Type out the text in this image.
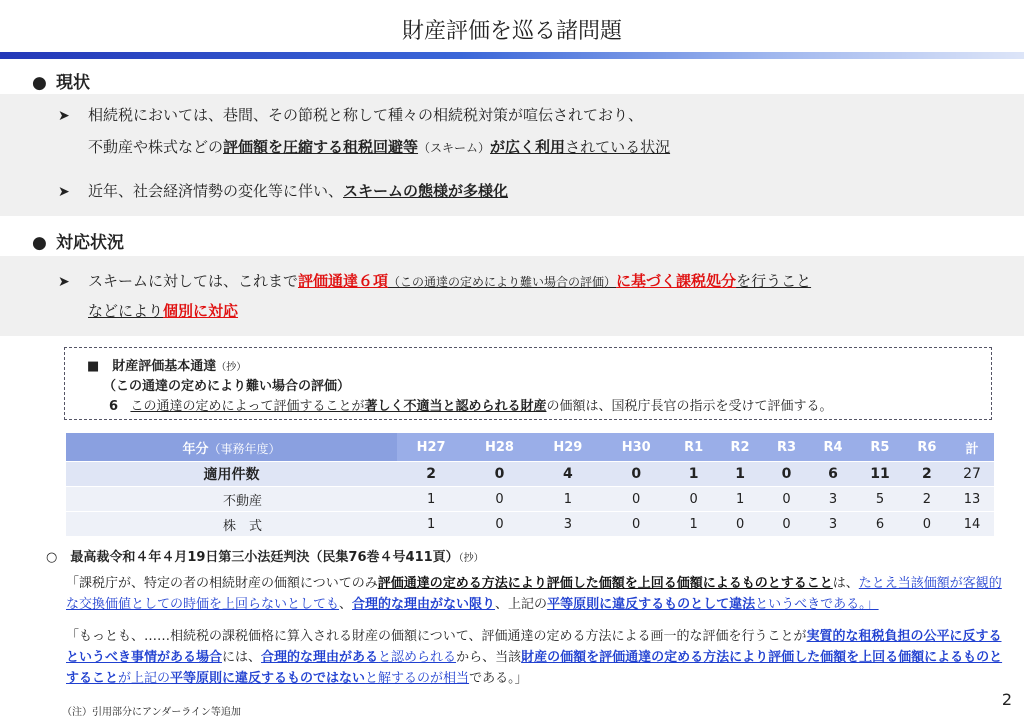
財産評価を巡る諸問題
● 現状
➤ 相続税においては、巷間、その節税と称して種々の相続税対策が喧伝されており、
不動産や株式などの評価額を圧縮する租税回避等（スキーム）が広く利用されている状況
➤ 近年、社会経済情勢の変化等に伴い、スキームの態様が多様化
● 対応状況
➤ スキームに対しては、これまで評価通達６項（この通達の定めにより難い場合の評価）に基づく課税処分を行うこと
などにより個別に対応
■　財産評価基本通達（抄）
（この通達の定めにより難い場合の評価）
6 この通達の定めによって評価することが著しく不適当と認められる財産の価額は、国税庁長官の指示を受けて評価する。
年分（事務年度）		H27	H28	H29	H30	R1	R2	R3	R4	R5	R6	計
適用件数		2	0	4	0	1	1	0	6	11	2	27
	不動産	1	0	1	0	0	1	0	3	5	2	13
	株　式	1	0	3	0	1	0	0	3	6	0	14
○　最高裁令和４年４月19日第三小法廷判決（民集76巻４号411頁）（抄）
「課税庁が、特定の者の相続財産の価額についてのみ評価通達の定める方法により評価した価額を上回る価額によるものとすることは、たとえ当該価額が客観的な交換価値としての時価を上回らないとしても、合理的な理由がない限り、上記の平等原則に違反するものとして違法というべきである。」
「もっとも、……相続税の課税価格に算入される財産の価額について、評価通達の定める方法による画一的な評価を行うことが実質的な租税負担の公平に反するというべき事情がある場合には、合理的な理由があると認められるから、当該財産の価額を評価通達の定める方法により評価した価額を上回る価額によるものとすることが上記の平等原則に違反するものではないと解するのが相当である。」
（注）引用部分にアンダーライン等追加
2
